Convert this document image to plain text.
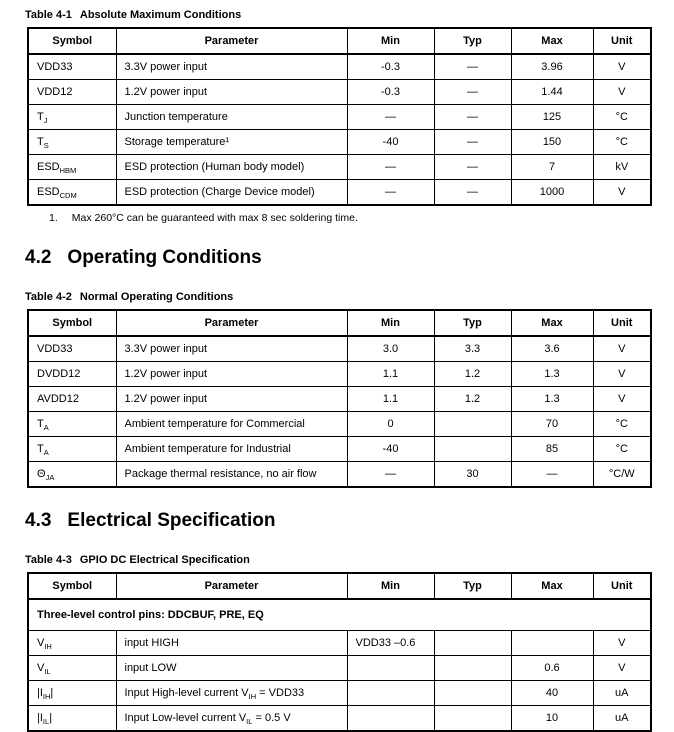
Table 4-1 Absolute Maximum Conditions
Symbol	Parameter	Min	Typ	Max	Unit
VDD33	3.3V power input	-0.3	—	3.96	V
VDD12	1.2V power input	-0.3	—	1.44	V
$T_J$	Junction temperature	—	—	125	°C
$T_S$	Storage temperature¹	-40	—	150	°C
$ESD_{HBM}$	ESD protection (Human body model)	—	—	7	kV
$ESD_{CDM}$	ESD protection (Charge Device model)	—	—	1000	V
1. Max 260°C can be guaranteed with max 8 sec soldering time.
4.2 Operating Conditions
Table 4-2 Normal Operating Conditions
Symbol	Parameter	Min	Typ	Max	Unit
VDD33	3.3V power input	3.0	3.3	3.6	V
DVDD12	1.2V power input	1.1	1.2	1.3	V
AVDD12	1.2V power input	1.1	1.2	1.3	V
$T_A$	Ambient temperature for Commercial	0		70	°C
$T_A$	Ambient temperature for Industrial	-40		85	°C
$\Theta_{JA}$	Package thermal resistance, no air flow	—	30	—	°C/W
4.3 Electrical Specification
Table 4-3 GPIO DC Electrical Specification
Symbol	Parameter	Min	Typ	Max	Unit
Three-level control pins: DDCBUF, PRE, EQ					
$V_{IH}$	input HIGH	VDD33 –0.6			V
$V_{IL}$	input LOW			0.6	V
$|I_{IH}|$	Input High-level current $V_{IH} = VDD33$			40	uA
$|I_{IL}|$	Input Low-level current $V_{IL} = 0.5$ V			10	uA
